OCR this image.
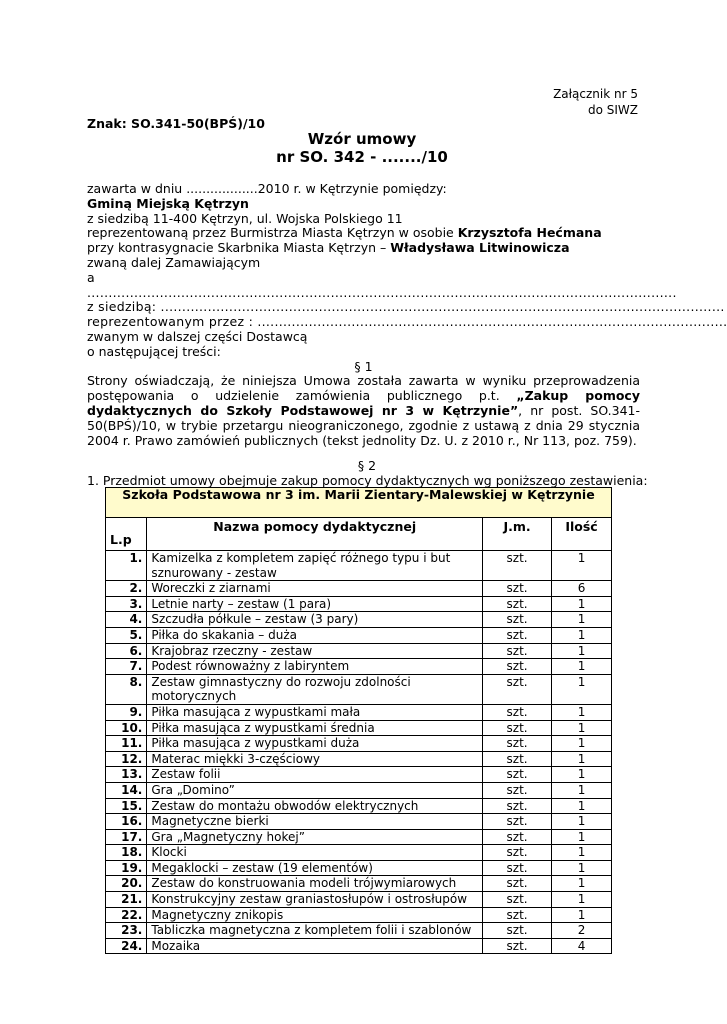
Załącznik nr 5
do SIWZ
Znak: SO.341-50(BPŚ)/10
Wzór umowy
nr SO. 342 - ......./10
zawarta w dniu ..................2010 r. w Kętrzynie pomiędzy:
Gminą Miejską Kętrzyn
z siedzibą 11-400 Kętrzyn, ul. Wojska Polskiego 11
reprezentowaną przez Burmistrza Miasta Kętrzyn w osobie Krzysztofa Hećmana
przy kontrasygnacie Skarbnika Miasta Kętrzyn – Władysława Litwinowicza
zwaną dalej Zamawiającym
a
..........................................................................................................................................
z siedzibą: ....................................................................................................................................
reprezentowanym przez : ..............................................................................................................
zwanym w dalszej części Dostawcą
o następującej treści:
§ 1
Strony oświadczają, że niniejsza Umowa została zawarta w wyniku przeprowadzenia postępowania o udzielenie zamówienia publicznego p.t. „Zakup pomocy dydaktycznych do Szkoły Podstawowej nr 3 w Kętrzynie”, nr post. SO.341-50(BPŚ)/10, w trybie przetargu nieograniczonego, zgodnie z ustawą z dnia 29 stycznia 2004 r. Prawo zamówień publicznych (tekst jednolity Dz. U. z 2010 r., Nr 113, poz. 759).
§ 2
1. Przedmiot umowy obejmuje zakup pomocy dydaktycznych wg poniższego zestawienia:
Szkoła Podstawowa nr 3 im. Marii Zientary-Malewskiej w Kętrzynie			
L.p	Nazwa pomocy dydaktycznej	J.m.	Ilość
1.	Kamizelka z kompletem zapięć różnego typu i but sznurowany - zestaw	szt.	1
2.	Woreczki z ziarnami	szt.	6
3.	Letnie narty – zestaw (1 para)	szt.	1
4.	Szczudła półkule – zestaw (3 pary)	szt.	1
5.	Piłka do skakania – duża	szt.	1
6.	Krajobraz rzeczny - zestaw	szt.	1
7.	Podest równoważny z labiryntem	szt.	1
8.	Zestaw gimnastyczny do rozwoju zdolności motorycznych	szt.	1
9.	Piłka masująca z wypustkami mała	szt.	1
10.	Piłka masująca z wypustkami średnia	szt.	1
11.	Piłka masująca z wypustkami duża	szt.	1
12.	Materac miękki 3-częściowy	szt.	1
13.	Zestaw folii	szt.	1
14.	Gra „Domino”	szt.	1
15.	Zestaw do montażu obwodów elektrycznych	szt.	1
16.	Magnetyczne bierki	szt.	1
17.	Gra „Magnetyczny hokej”	szt.	1
18.	Klocki	szt.	1
19.	Megaklocki – zestaw (19 elementów)	szt.	1
20.	Zestaw do konstruowania modeli trójwymiarowych	szt.	1
21.	Konstrukcyjny zestaw graniastosłupów i ostrosłupów	szt.	1
22.	Magnetyczny znikopis	szt.	1
23.	Tabliczka magnetyczna z kompletem folii i szablonów	szt.	2
24.	Mozaika	szt.	4
